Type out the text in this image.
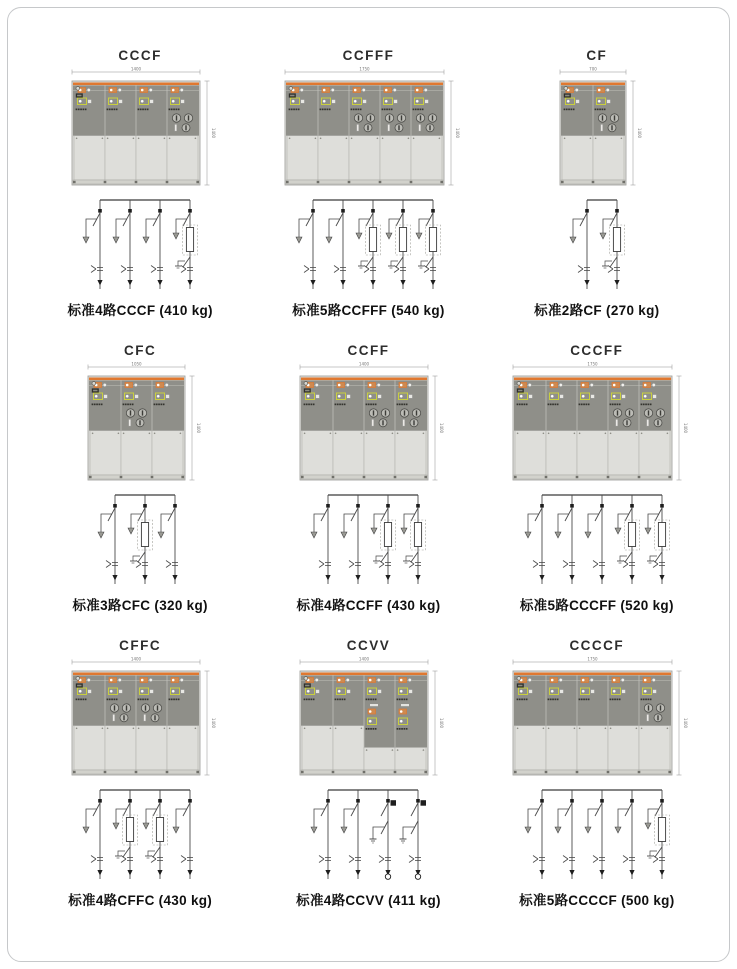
CCCF
1400
1400
标准4路CCCF (410 kg)
CCFFF
1750
1400
标准5路CCFFF (540 kg)
CF
700
1400
标准2路CF (270 kg)
CFC
1050
1400
标准3路CFC (320 kg)
CCFF
1400
1400
标准4路CCFF (430 kg)
CCCFF
1750
1400
标准5路CCCFF (520 kg)
CFFC
1400
1400
标准4路CFFC (430 kg)
CCVV
1400
1400
标准4路CCVV (411 kg)
CCCCF
1750
1400
标准5路CCCCF (500 kg)
